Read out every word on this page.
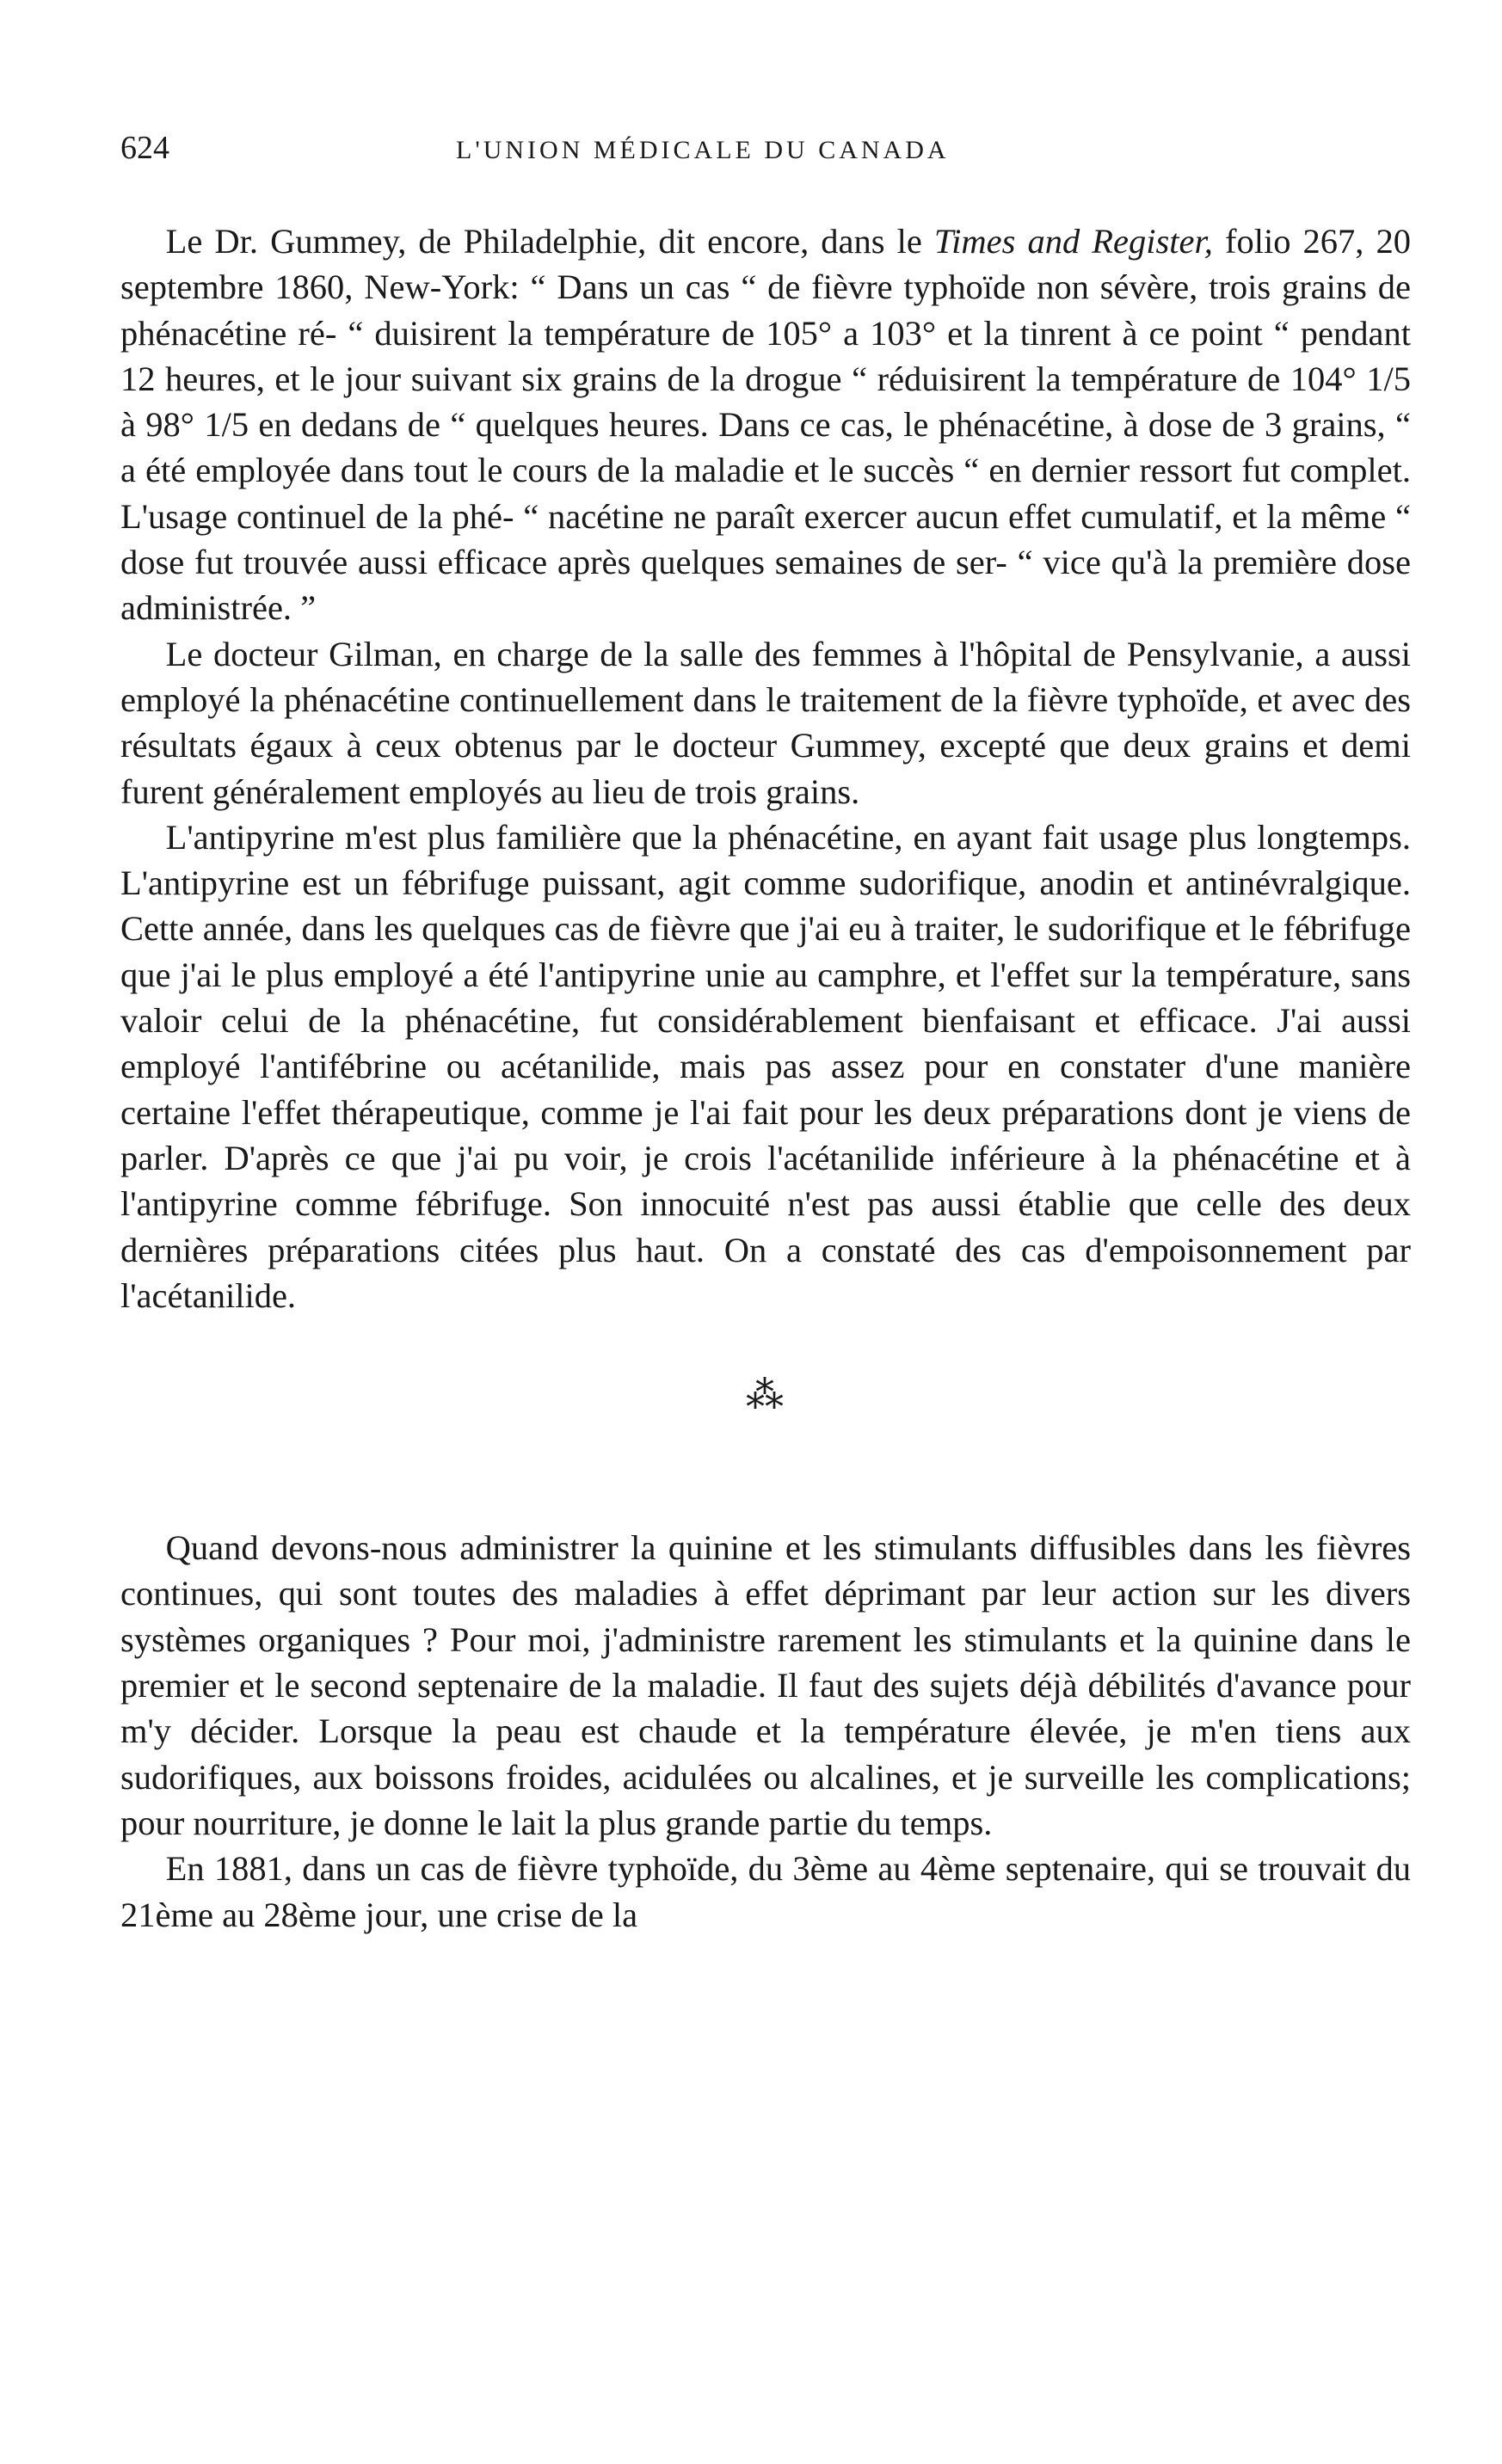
624	L'UNION MÉDICALE DU CANADA

Le Dr. Gummey, de Philadelphie, dit encore, dans le Times and Register, folio 267, 20 septembre 1860, New-York: “ Dans un cas “ de fièvre typhoïde non sévère, trois grains de phénacétine ré- “ duisirent la température de 105° a 103° et la tinrent à ce point “ pendant 12 heures, et le jour suivant six grains de la drogue “ réduisirent la température de 104° 1/5 à 98° 1/5 en dedans de “ quelques heures. Dans ce cas, le phénacétine, à dose de 3 grains, “ a été employée dans tout le cours de la maladie et le succès “ en dernier ressort fut complet. L'usage continuel de la phé- “ nacétine ne paraît exercer aucun effet cumulatif, et la même “ dose fut trouvée aussi efficace après quelques semaines de ser- “ vice qu'à la première dose administrée. ”

Le docteur Gilman, en charge de la salle des femmes à l'hôpital de Pensylvanie, a aussi employé la phénacétine continuellement dans le traitement de la fièvre typhoïde, et avec des résultats égaux à ceux obtenus par le docteur Gummey, excepté que deux grains et demi furent généralement employés au lieu de trois grains.

L'antipyrine m'est plus familière que la phénacétine, en ayant fait usage plus longtemps. L'antipyrine est un fébrifuge puissant, agit comme sudorifique, anodin et antinévralgique. Cette année, dans les quelques cas de fièvre que j'ai eu à traiter, le sudorifique et le fébrifuge que j'ai le plus employé a été l'antipyrine unie au camphre, et l'effet sur la température, sans valoir celui de la phénacétine, fut considérablement bienfaisant et efficace. J'ai aussi employé l'antifébrine ou acétanilide, mais pas assez pour en constater d'une manière certaine l'effet thérapeutique, comme je l'ai fait pour les deux préparations dont je viens de parler. D'après ce que j'ai pu voir, je crois l'acétanilide inférieure à la phénacétine et à l'antipyrine comme fébrifuge. Son innocuité n'est pas aussi établie que celle des deux dernières préparations citées plus haut. On a constaté des cas d'empoisonnement par l'acétanilide.

⁂

Quand devons-nous administrer la quinine et les stimulants diffusibles dans les fièvres continues, qui sont toutes des maladies à effet déprimant par leur action sur les divers systèmes organiques ? Pour moi, j'administre rarement les stimulants et la quinine dans le premier et le second septenaire de la maladie. Il faut des sujets déjà débilités d'avance pour m'y décider. Lorsque la peau est chaude et la température élevée, je m'en tiens aux sudorifiques, aux boissons froides, acidulées ou alcalines, et je surveille les complications; pour nourriture, je donne le lait la plus grande partie du temps.

En 1881, dans un cas de fièvre typhoïde, du 3ème au 4ème septenaire, qui se trouvait du 21ème au 28ème jour, une crise de la
